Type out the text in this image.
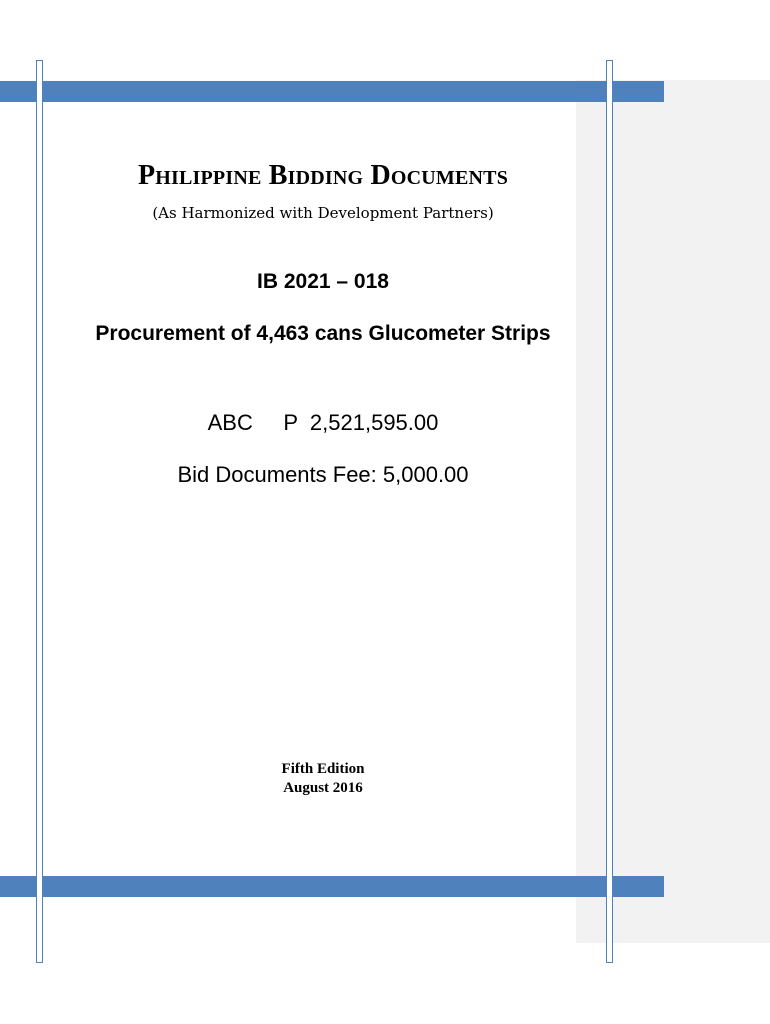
Philippine Bidding Documents
(As Harmonized with Development Partners)
IB 2021 – 018
Procurement of 4,463 cans Glucometer Strips
ABC P  2,521,595.00
Bid Documents Fee: 5,000.00
Fifth Edition
August 2016
